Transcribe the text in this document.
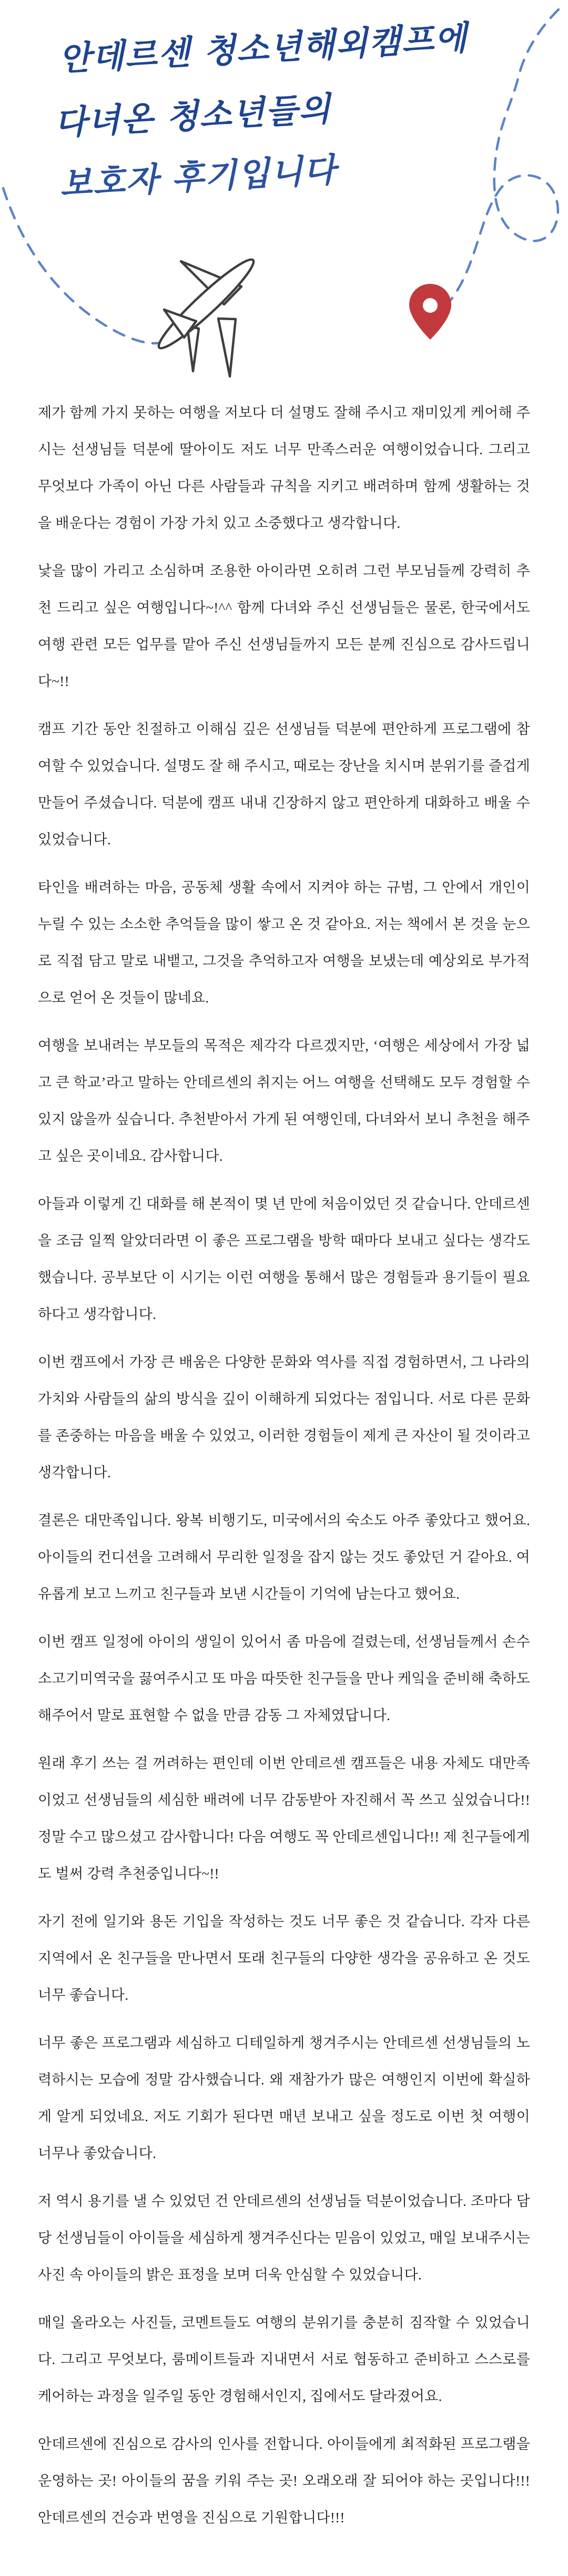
안데르센 청소년해외캠프에
다녀온 청소년들의
보호자 후기입니다

제가 함께 가지 못하는 여행을 저보다 더 설명도 잘해 주시고 재미있게 케어해 주시는 선생님들 덕분에 딸아이도 저도 너무 만족스러운 여행이었습니다. 그리고 무엇보다 가족이 아닌 다른 사람들과 규칙을 지키고 배려하며 함께 생활하는 것을 배운다는 경험이 가장 가치 있고 소중했다고 생각합니다.

낯을 많이 가리고 소심하며 조용한 아이라면 오히려 그런 부모님들께 강력히 추천 드리고 싶은 여행입니다~!^^ 함께 다녀와 주신 선생님들은 물론, 한국에서도 여행 관련 모든 업무를 맡아 주신 선생님들까지 모든 분께 진심으로 감사드립니다~!!

캠프 기간 동안 친절하고 이해심 깊은 선생님들 덕분에 편안하게 프로그램에 참여할 수 있었습니다. 설명도 잘 해 주시고, 때로는 장난을 치시며 분위기를 즐겁게 만들어 주셨습니다. 덕분에 캠프 내내 긴장하지 않고 편안하게 대화하고 배울 수 있었습니다.

타인을 배려하는 마음, 공동체 생활 속에서 지켜야 하는 규범, 그 안에서 개인이 누릴 수 있는 소소한 추억들을 많이 쌓고 온 것 같아요. 저는 책에서 본 것을 눈으로 직접 담고 말로 내뱉고, 그것을 추억하고자 여행을 보냈는데 예상외로 부가적으로 얻어 온 것들이 많네요.

여행을 보내려는 부모들의 목적은 제각각 다르겠지만, ‘여행은 세상에서 가장 넓고 큰 학교’라고 말하는 안데르센의 취지는 어느 여행을 선택해도 모두 경험할 수 있지 않을까 싶습니다. 추천받아서 가게 된 여행인데, 다녀와서 보니 추천을 해주고 싶은 곳이네요. 감사합니다.

아들과 이렇게 긴 대화를 해 본적이 몇 년 만에 처음이었던 것 같습니다. 안데르센을 조금 일찍 알았더라면 이 좋은 프로그램을 방학 때마다 보내고 싶다는 생각도 했습니다. 공부보단 이 시기는 이런 여행을 통해서 많은 경험들과 용기들이 필요하다고 생각합니다.

이번 캠프에서 가장 큰 배움은 다양한 문화와 역사를 직접 경험하면서, 그 나라의 가치와 사람들의 삶의 방식을 깊이 이해하게 되었다는 점입니다. 서로 다른 문화를 존중하는 마음을 배울 수 있었고, 이러한 경험들이 제게 큰 자산이 될 것이라고 생각합니다.

결론은 대만족입니다. 왕복 비행기도, 미국에서의 숙소도 아주 좋았다고 했어요. 아이들의 컨디션을 고려해서 무리한 일정을 잡지 않는 것도 좋았던 거 같아요. 여유롭게 보고 느끼고 친구들과 보낸 시간들이 기억에 남는다고 했어요.

이번 캠프 일정에 아이의 생일이 있어서 좀 마음에 걸렸는데, 선생님들께서 손수 소고기미역국을 끓여주시고 또 마음 따뜻한 친구들을 만나 케잌을 준비해 축하도 해주어서 말로 표현할 수 없을 만큼 감동 그 자체였답니다.

원래 후기 쓰는 걸 꺼려하는 편인데 이번 안데르센 캠프들은 내용 자체도 대만족이었고 선생님들의 세심한 배려에 너무 감동받아 자진해서 꼭 쓰고 싶었습니다!! 정말 수고 많으셨고 감사합니다! 다음 여행도 꼭 안데르센입니다!! 제 친구들에게도 벌써 강력 추천중입니다~!!

자기 전에 일기와 용돈 기입을 작성하는 것도 너무 좋은 것 같습니다. 각자 다른 지역에서 온 친구들을 만나면서 또래 친구들의 다양한 생각을 공유하고 온 것도 너무 좋습니다.

너무 좋은 프로그램과 세심하고 디테일하게 챙겨주시는 안데르센 선생님들의 노력하시는 모습에 정말 감사했습니다. 왜 재참가가 많은 여행인지 이번에 확실하게 알게 되었네요. 저도 기회가 된다면 매년 보내고 싶을 정도로 이번 첫 여행이 너무나 좋았습니다.

저 역시 용기를 낼 수 있었던 건 안데르센의 선생님들 덕분이었습니다. 조마다 담당 선생님들이 아이들을 세심하게 챙겨주신다는 믿음이 있었고, 매일 보내주시는 사진 속 아이들의 밝은 표정을 보며 더욱 안심할 수 있었습니다.

매일 올라오는 사진들, 코멘트들도 여행의 분위기를 충분히 짐작할 수 있었습니다. 그리고 무엇보다, 룸메이트들과 지내면서 서로 협동하고 준비하고 스스로를 케어하는 과정을 일주일 동안 경험해서인지, 집에서도 달라졌어요.

안데르센에 진심으로 감사의 인사를 전합니다. 아이들에게 최적화된 프로그램을 운영하는 곳! 아이들의 꿈을 키워 주는 곳! 오래오래 잘 되어야 하는 곳입니다!!! 안데르센의 건승과 번영을 진심으로 기원합니다!!!
